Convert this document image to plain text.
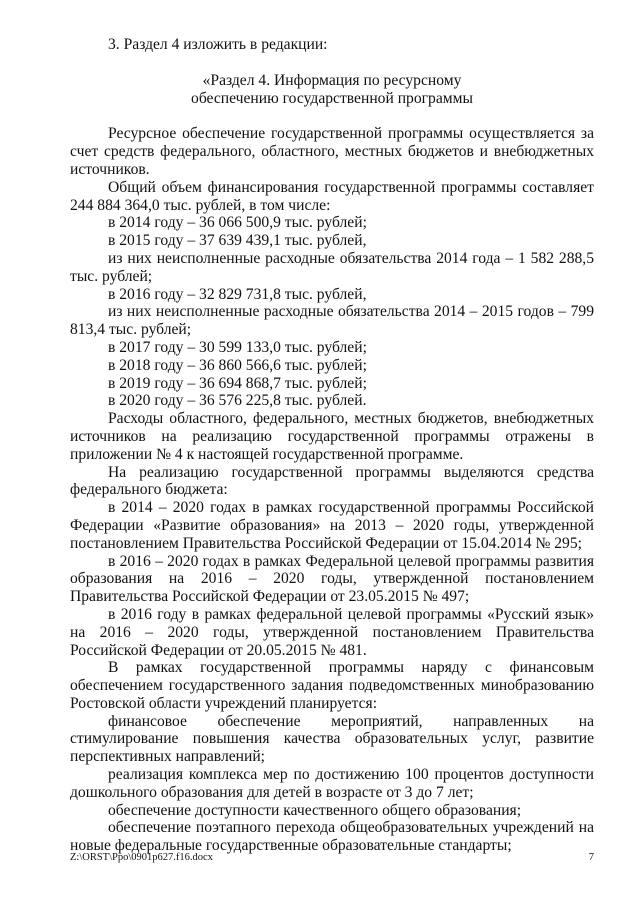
3. Раздел 4 изложить в редакции:
«Раздел 4. Информация по ресурсному
обеспечению государственной программы
Ресурсное обеспечение государственной программы осуществляется за счет средств федерального, областного, местных бюджетов и внебюджетных источников.
Общий объем финансирования государственной программы составляет 244 884 364,0 тыс. рублей, в том числе:
в 2014 году – 36 066 500,9 тыс. рублей;
в 2015 году – 37 639 439,1 тыс. рублей,
из них неисполненные расходные обязательства 2014 года – 1 582 288,5 тыс. рублей;
в 2016 году – 32 829 731,8 тыс. рублей,
из них неисполненные расходные обязательства 2014 – 2015 годов – 799 813,4 тыс. рублей;
в 2017 году – 30 599 133,0 тыс. рублей;
в 2018 году – 36 860 566,6 тыс. рублей;
в 2019 году – 36 694 868,7 тыс. рублей;
в 2020 году – 36 576 225,8 тыс. рублей.
Расходы областного, федерального, местных бюджетов, внебюджетных источников на реализацию государственной программы отражены в приложении № 4 к настоящей государственной программе.
На реализацию государственной программы выделяются средства федерального бюджета:
в 2014 – 2020 годах в рамках государственной программы Российской Федерации «Развитие образования» на 2013 – 2020 годы, утвержденной постановлением Правительства Российской Федерации от 15.04.2014 № 295;
в 2016 – 2020 годах в рамках Федеральной целевой программы развития образования на 2016 – 2020 годы, утвержденной постановлением Правительства Российской Федерации от 23.05.2015 № 497;
в 2016 году в рамках федеральной целевой программы «Русский язык» на 2016 – 2020 годы, утвержденной постановлением Правительства Российской Федерации от 20.05.2015 № 481.
В рамках государственной программы наряду с финансовым обеспечением государственного задания подведомственных минобразованию Ростовской области учреждений планируется:
финансовое обеспечение мероприятий, направленных на стимулирование повышения качества образовательных услуг, развитие перспективных направлений;
реализация комплекса мер по достижению 100 процентов доступности дошкольного образования для детей в возрасте от 3 до 7 лет;
обеспечение доступности качественного общего образования;
обеспечение поэтапного перехода общеобразовательных учреждений на новые федеральные государственные образовательные стандарты;
Z:\ORST\Ppo\0901p627.f16.docx	7
